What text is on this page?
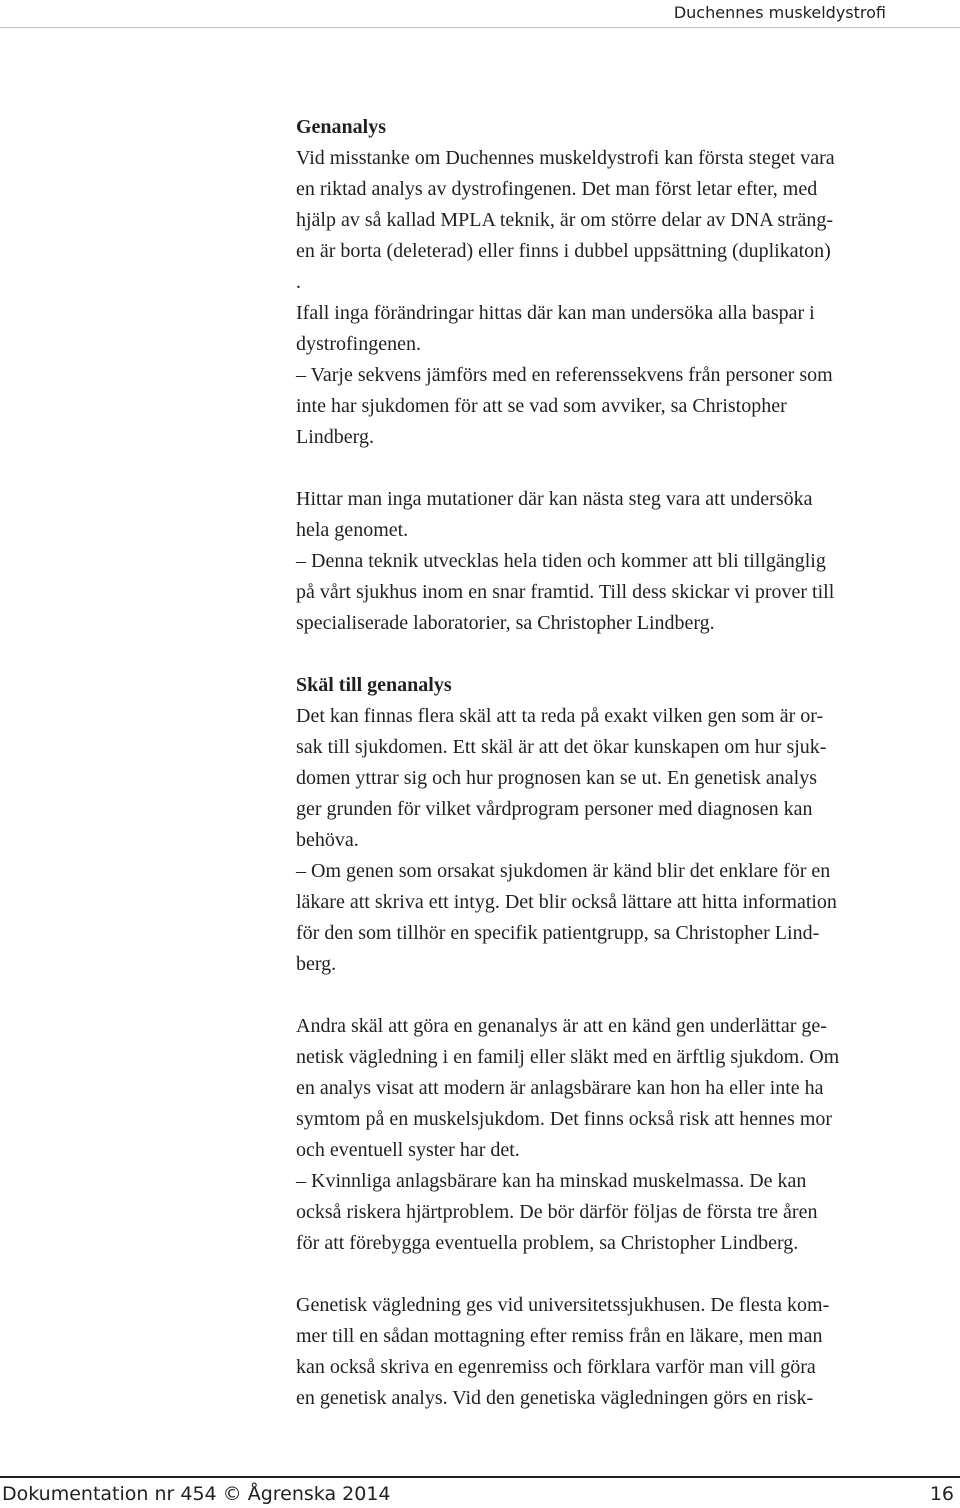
Duchennes muskeldystrofi
Genanalys
Vid misstanke om Duchennes muskeldystrofi kan första steget vara
en riktad analys av dystrofingenen. Det man först letar efter, med
hjälp av så kallad MPLA teknik, är om större delar av DNA sträng-
en är borta (deleterad) eller finns i dubbel uppsättning (duplikaton)
.
Ifall inga förändringar hittas där kan man undersöka alla baspar i
dystrofingenen.
– Varje sekvens jämförs med en referenssekvens från personer som
inte har sjukdomen för att se vad som avviker, sa Christopher
Lindberg.
Hittar man inga mutationer där kan nästa steg vara att undersöka
hela genomet.
– Denna teknik utvecklas hela tiden och kommer att bli tillgänglig
på vårt sjukhus inom en snar framtid. Till dess skickar vi prover till
specialiserade laboratorier, sa Christopher Lindberg.
Skäl till genanalys
Det kan finnas flera skäl att ta reda på exakt vilken gen som är or-
sak till sjukdomen. Ett skäl är att det ökar kunskapen om hur sjuk-
domen yttrar sig och hur prognosen kan se ut. En genetisk analys
ger grunden för vilket vårdprogram personer med diagnosen kan
behöva.
– Om genen som orsakat sjukdomen är känd blir det enklare för en
läkare att skriva ett intyg. Det blir också lättare att hitta information
för den som tillhör en specifik patientgrupp, sa Christopher Lind-
berg.
Andra skäl att göra en genanalys är att en känd gen underlättar ge-
netisk vägledning i en familj eller släkt med en ärftlig sjukdom. Om
en analys visat att modern är anlagsbärare kan hon ha eller inte ha
symtom på en muskelsjukdom. Det finns också risk att hennes mor
och eventuell syster har det.
– Kvinnliga anlagsbärare kan ha minskad muskelmassa. De kan
också riskera hjärtproblem. De bör därför följas de första tre åren
för att förebygga eventuella problem, sa Christopher Lindberg.
Genetisk vägledning ges vid universitetssjukhusen. De flesta kom-
mer till en sådan mottagning efter remiss från en läkare, men man
kan också skriva en egenremiss och förklara varför man vill göra
en genetisk analys. Vid den genetiska vägledningen görs en risk-
Dokumentation nr 454 © Ågrenska 2014	16
